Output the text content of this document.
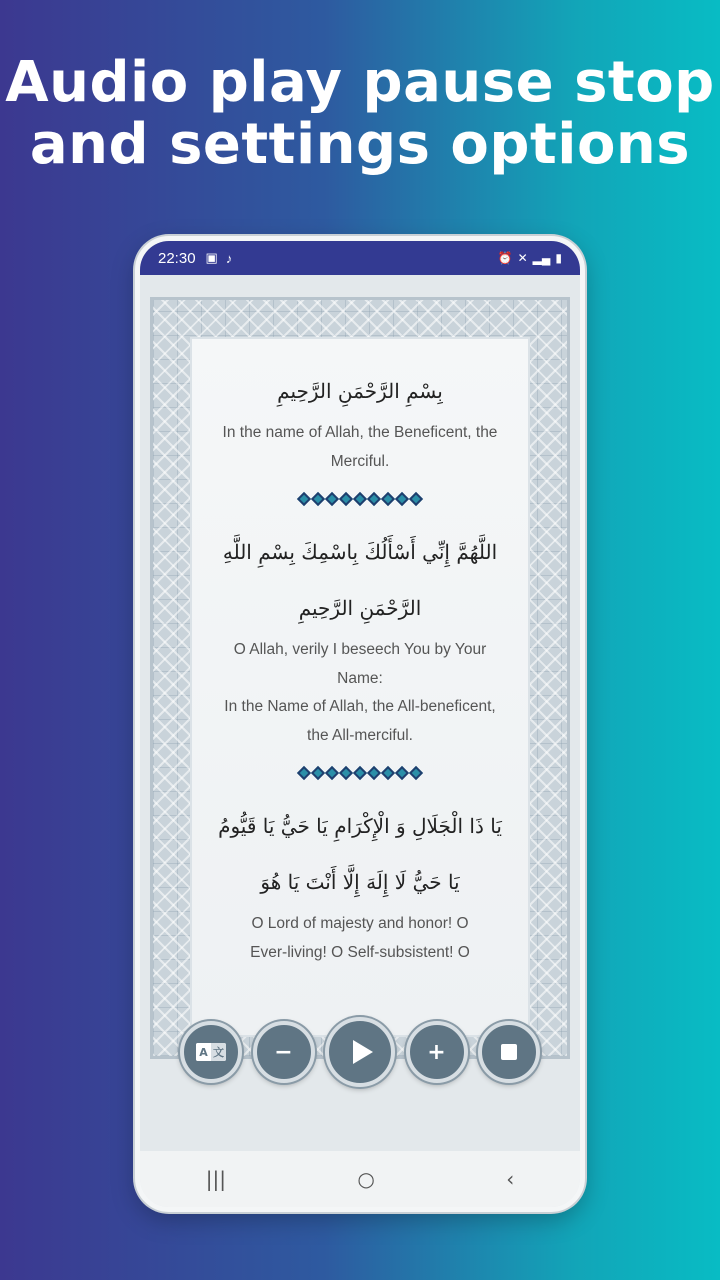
Audio play pause stop
and settings options
22:30 ▣ ♪	⏰ ✕ ▂▄ ▮
بِسْمِ الرَّحْمَنِ الرَّحِيمِ
In the name of Allah, the Beneficent, the
Merciful.
اللَّهُمَّ إِنِّي أَسْأَلُكَ بِاسْمِكَ بِسْمِ اللَّهِ الرَّحْمَنِ الرَّحِيمِ
O Allah, verily I beseech You by Your
Name:
In the Name of Allah, the All-beneficent,
the All-merciful.
يَا ذَا الْجَلَالِ وَ الْإِكْرَامِ يَا حَيُّ يَا قَيُّومُ يَا حَيُّ لَا إِلَهَ إِلَّا أَنْتَ يَا هُوَ
O Lord of majesty and honor! O
Ever-living! O Self-subsistent! O
A 文 −	+
|||	○	‹
